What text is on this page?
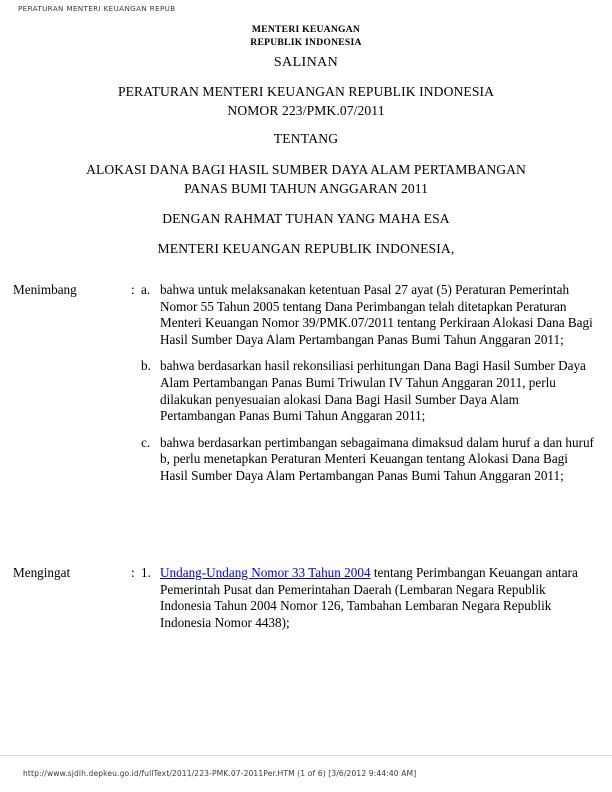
PERATURAN MENTERI KEUANGAN REPUB
MENTERI KEUANGAN
REPUBLIK INDONESIA
SALINAN
PERATURAN MENTERI KEUANGAN REPUBLIK INDONESIA
NOMOR 223/PMK.07/2011
TENTANG
ALOKASI DANA BAGI HASIL SUMBER DAYA ALAM PERTAMBANGAN
PANAS BUMI TAHUN ANGGARAN 2011
DENGAN RAHMAT TUHAN YANG MAHA ESA
MENTERI KEUANGAN REPUBLIK INDONESIA,
Menimbang	: a. bahwa untuk melaksanakan ketentuan Pasal 27 ayat (5) Peraturan Pemerintah Nomor 55 Tahun 2005 tentang Dana Perimbangan telah ditetapkan Peraturan Menteri Keuangan Nomor 39/PMK.07/2011 tentang Perkiraan Alokasi Dana Bagi Hasil Sumber Daya Alam Pertambangan Panas Bumi Tahun Anggaran 2011;
b. bahwa berdasarkan hasil rekonsiliasi perhitungan Dana Bagi Hasil Sumber Daya Alam Pertambangan Panas Bumi Triwulan IV Tahun Anggaran 2011, perlu dilakukan penyesuaian alokasi Dana Bagi Hasil Sumber Daya Alam Pertambangan Panas Bumi Tahun Anggaran 2011;
c. bahwa berdasarkan pertimbangan sebagaimana dimaksud dalam huruf a dan huruf b, perlu menetapkan Peraturan Menteri Keuangan tentang Alokasi Dana Bagi Hasil Sumber Daya Alam Pertambangan Panas Bumi Tahun Anggaran 2011;
Mengingat	: 1. Undang-Undang Nomor 33 Tahun 2004 tentang Perimbangan Keuangan antara Pemerintah Pusat dan Pemerintahan Daerah (Lembaran Negara Republik Indonesia Tahun 2004 Nomor 126, Tambahan Lembaran Negara Republik Indonesia Nomor 4438);
http://www.sjdih.depkeu.go.id/fullText/2011/223-PMK.07-2011Per.HTM (1 of 6) [3/6/2012 9:44:40 AM]
